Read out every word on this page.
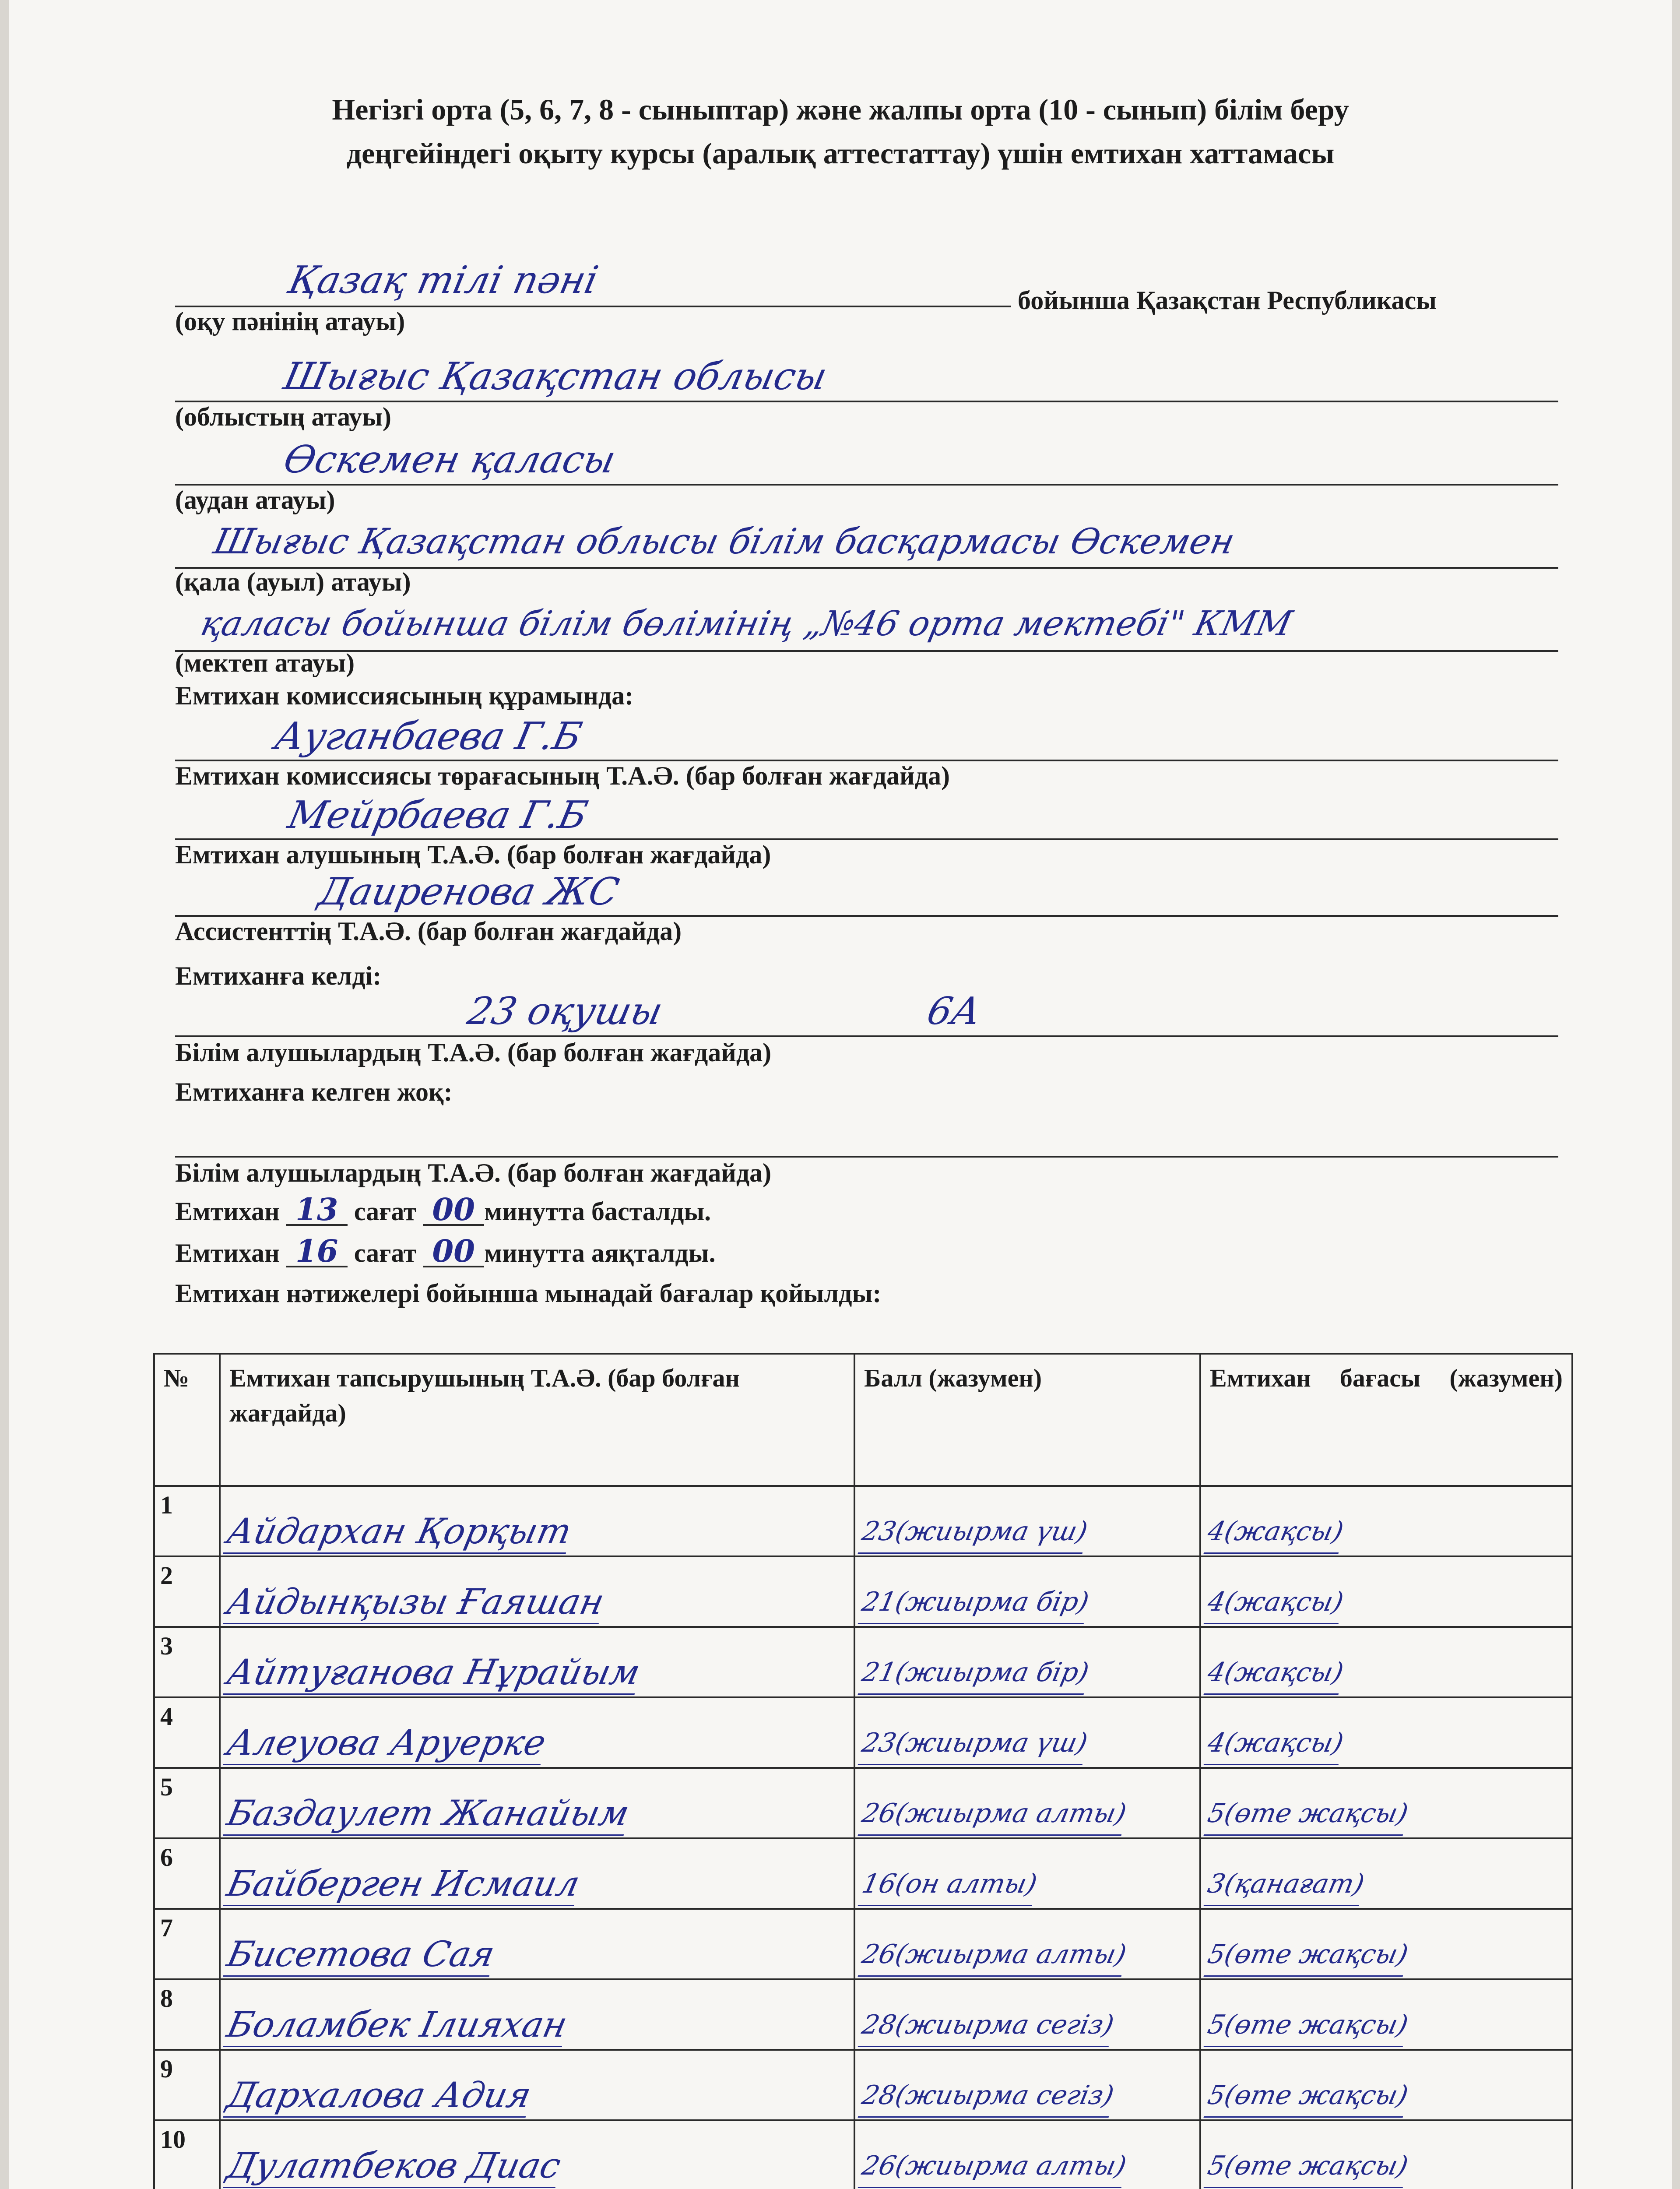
Негізгі орта (5, 6, 7, 8 - сыныптар) және жалпы орта (10 - сынып) білім беру
деңгейіндегі оқыту курсы (аралық аттестаттау) үшін емтихан хаттамасы
Қазақ тілі пәні	бойынша Қазақстан Республикасы
(оқу пәнінің атауы)
Шығыс Қазақстан облысы
(облыстың атауы)
Өскемен қаласы
(аудан атауы)
Шығыс Қазақстан облысы білім басқармасы Өскемен
(қала (ауыл) атауы)
қаласы бойынша білім бөлімінің „№46 орта мектебі" КММ
(мектеп атауы)
Емтихан комиссиясының құрамында:
Ауганбаева Г.Б
Емтихан комиссиясы төрағасының Т.А.Ә. (бар болған жағдайда)
Мейрбаева Г.Б
Емтихан алушының Т.А.Ә. (бар болған жағдайда)
Даuренова ЖС
Ассистенттің Т.А.Ә. (бар болған жағдайда)
Емтиханға келді:
23 оқушы	6А
Білім алушылардың Т.А.Ә. (бар болған жағдайда)
Емтиханға келген жоқ:
Білім алушылардың Т.А.Ә. (бар болған жағдайда)
Емтихан 13 сағат 00 минутта басталды.
Емтихан 16 сағат 00 минутта аяқталды.
Емтихан нәтижелері бойынша мынадай бағалар қойылды:
№	Емтихан тапсырушының Т.А.Ә. (бар болған жағдайда)	Балл (жазумен)	Емтихан бағасы (жазумен)
1	Айдархан Қорқыт	23(жиырма үш)	4(жақсы)

2	Айдынқызы Ғаяшан	21(жиырма бір)	4(жақсы)

3	Айтуғанова Нұрайым	21(жиырма бір)	4(жақсы)

4	Алеуова Аруерке	23(жиырма үш)	4(жақсы)

5	Баздаулет Жанайым	26(жиырма алты)	5(өте жақсы)

6	Байберген Исмаил	16(он алты)	3(қанағат)

7	Бисетова Сая	26(жиырма алты)	5(өте жақсы)

8	Боламбек Ілияхан	28(жиырма сегіз)	5(өте жақсы)

9	Дархалова Адия	28(жиырма сегіз)	5(өте жақсы)

10	Дулатбеков Диас	26(жиырма алты)	5(өте жақсы)
